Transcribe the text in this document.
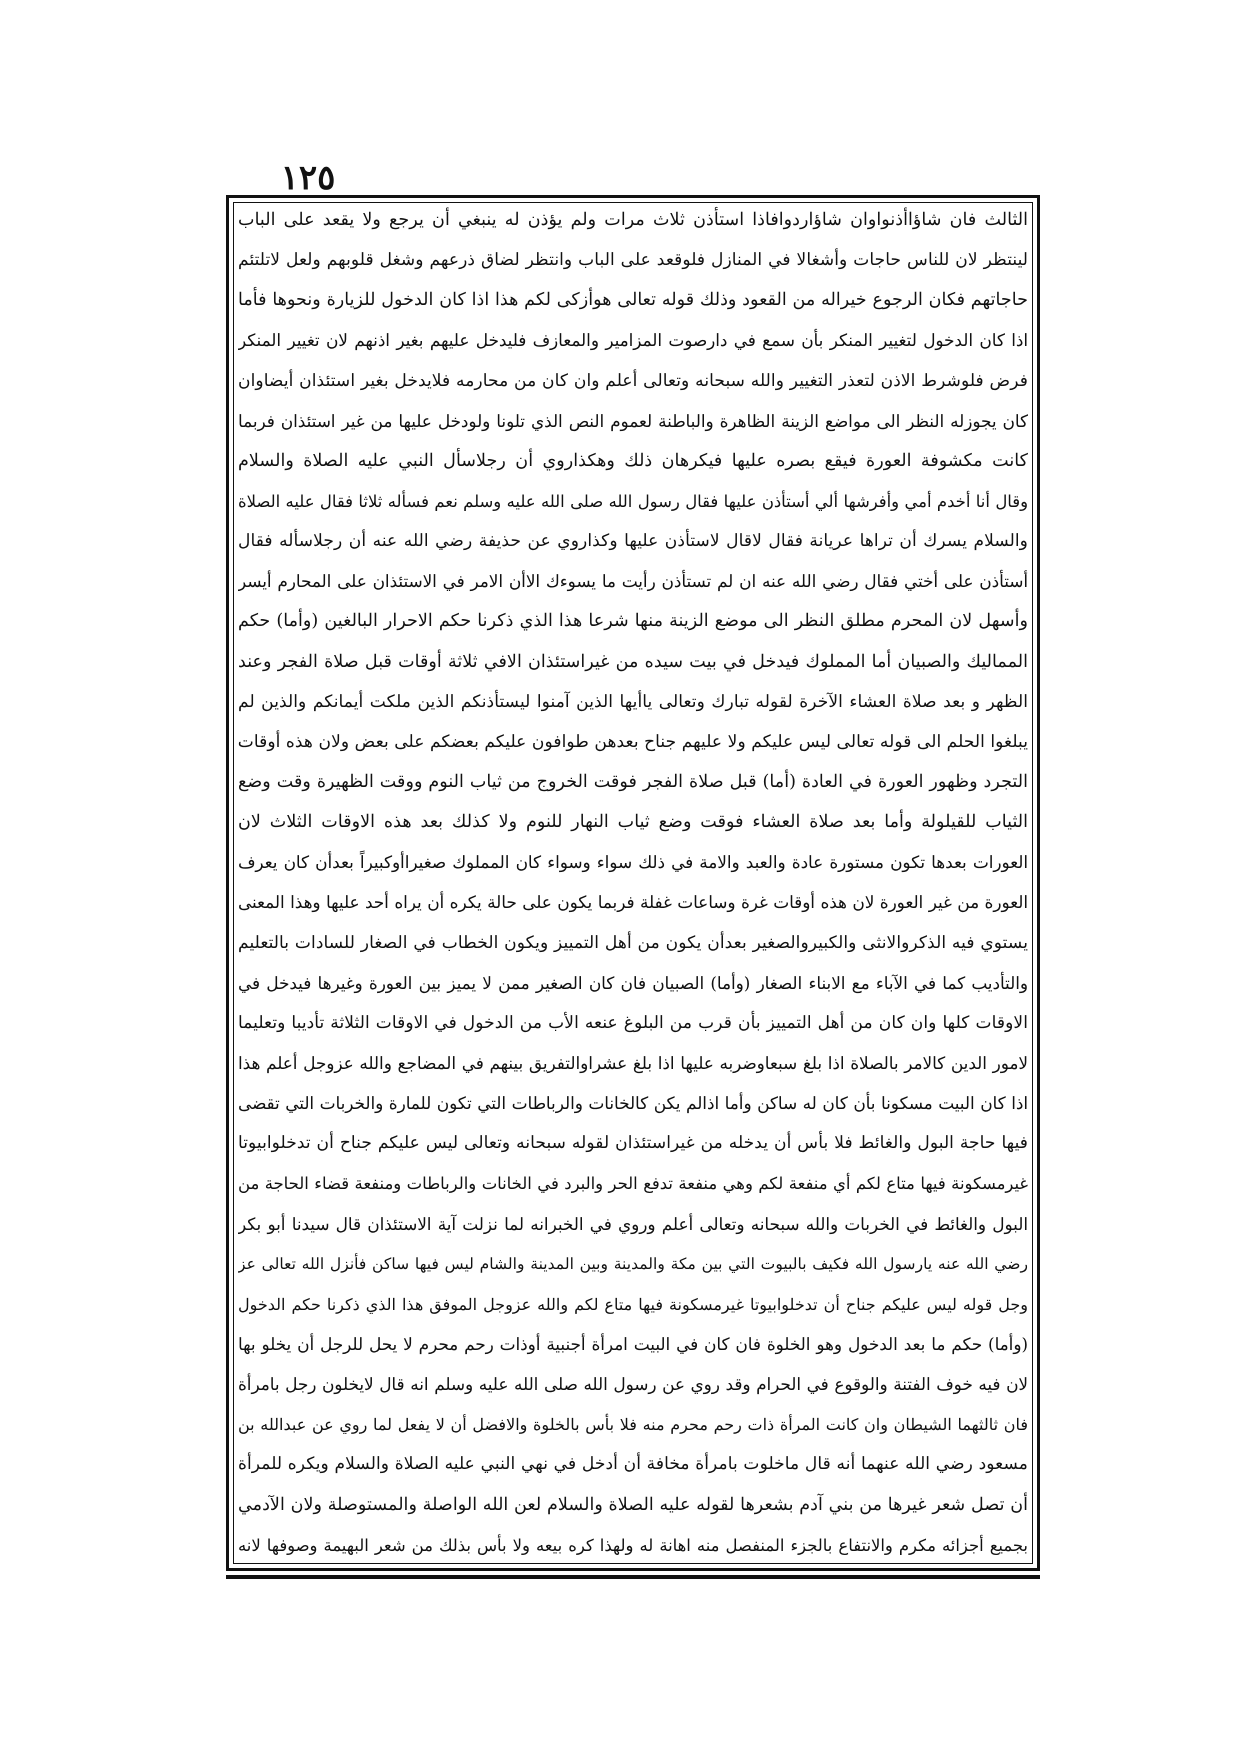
١٢٥
الثالث فان شاؤاأذنواوان شاؤاردوافاذا استأذن ثلاث مرات ولم يؤذن له ينبغي أن يرجع ولا يقعد على الباب
لينتظر لان للناس حاجات وأشغالا في المنازل فلوقعد على الباب وانتظر لضاق ذرعهم وشغل قلوبهم ولعل لاتلتئم
حاجاتهم فكان الرجوع خيراله من القعود وذلك قوله تعالى هوأزكى لكم هذا اذا كان الدخول للزيارة ونحوها فأما
اذا كان الدخول لتغيير المنكر بأن سمع في دارصوت المزامير والمعازف فليدخل عليهم بغير اذنهم لان تغيير المنكر
فرض فلوشرط الاذن لتعذر التغيير والله سبحانه وتعالى أعلم وان كان من محارمه فلايدخل بغير استئذان أيضاوان
كان يجوزله النظر الى مواضع الزينة الظاهرة والباطنة لعموم النص الذي تلونا ولودخل عليها من غير استئذان فربما
كانت مكشوفة العورة فيقع بصره عليها فيكرهان ذلك وهكذاروي أن رجلاسأل النبي عليه الصلاة والسلام
وقال أنا أخدم أمي وأفرشها ألي أستأذن عليها فقال رسول الله صلى الله عليه وسلم نعم فسأله ثلاثا فقال عليه الصلاة
والسلام يسرك أن تراها عريانة فقال لاقال لاستأذن عليها وكذاروي عن حذيفة رضي الله عنه أن رجلاسأله فقال
أستأذن على أختي فقال رضي الله عنه ان لم تستأذن رأيت ما يسوءك الاأن الامر في الاستئذان على المحارم أيسر
وأسهل لان المحرم مطلق النظر الى موضع الزينة منها شرعا هذا الذي ذكرنا حكم الاحرار البالغين (وأما) حكم
المماليك والصبيان أما المملوك فيدخل في بيت سيده من غيراستئذان الافي ثلاثة أوقات قبل صلاة الفجر وعند
الظهر و بعد صلاة العشاء الآخرة لقوله تبارك وتعالى ياأيها الذين آمنوا ليستأذنكم الذين ملكت أيمانكم والذين لم
يبلغوا الحلم الى قوله تعالى ليس عليكم ولا عليهم جناح بعدهن طوافون عليكم بعضكم على بعض ولان هذه أوقات
التجرد وظهور العورة في العادة (أما) قبل صلاة الفجر فوقت الخروج من ثياب النوم ووقت الظهيرة وقت وضع
الثياب للقيلولة وأما بعد صلاة العشاء فوقت وضع ثياب النهار للنوم ولا كذلك بعد هذه الاوقات الثلاث لان
العورات بعدها تكون مستورة عادة والعبد والامة في ذلك سواء وسواء كان المملوك صغيراأوكبيراً بعدأن كان يعرف
العورة من غير العورة لان هذه أوقات غرة وساعات غفلة فربما يكون على حالة يكره أن يراه أحد عليها وهذا المعنى
يستوي فيه الذكروالانثى والكبيروالصغير بعدأن يكون من أهل التمييز ويكون الخطاب في الصغار للسادات بالتعليم
والتأديب كما في الآباء مع الابناء الصغار (وأما) الصبيان فان كان الصغير ممن لا يميز بين العورة وغيرها فيدخل في
الاوقات كلها وان كان من أهل التمييز بأن قرب من البلوغ عنعه الأب من الدخول في الاوقات الثلاثة تأديبا وتعليما
لامور الدين كالامر بالصلاة اذا بلغ سبعاوضربه عليها اذا بلغ عشراوالتفريق بينهم في المضاجع والله عزوجل أعلم هذا
اذا كان البيت مسكونا بأن كان له ساكن وأما اذالم يكن كالخانات والرباطات التي تكون للمارة والخربات التي تقضى
فيها حاجة البول والغائط فلا بأس أن يدخله من غيراستئذان لقوله سبحانه وتعالى ليس عليكم جناح أن تدخلوابيوتا
غيرمسكونة فيها متاع لكم أي منفعة لكم وهي منفعة تدفع الحر والبرد في الخانات والرباطات ومنفعة قضاء الحاجة من
البول والغائط في الخربات والله سبحانه وتعالى أعلم وروي في الخبرانه لما نزلت آية الاستئذان قال سيدنا أبو بكر
رضي الله عنه يارسول الله فكيف بالبيوت التي بين مكة والمدينة وبين المدينة والشام ليس فيها ساكن فأنزل الله تعالى عز
وجل قوله ليس عليكم جناح أن تدخلوابيوتا غيرمسكونة فيها متاع لكم والله عزوجل الموفق هذا الذي ذكرنا حكم الدخول
(وأما) حكم ما بعد الدخول وهو الخلوة فان كان في البيت امرأة أجنبية أوذات رحم محرم لا يحل للرجل أن يخلو بها
لان فيه خوف الفتنة والوقوع في الحرام وقد روي عن رسول الله صلى الله عليه وسلم انه قال لايخلون رجل بامرأة
فان ثالثهما الشيطان وان كانت المرأة ذات رحم محرم منه فلا بأس بالخلوة والافضل أن لا يفعل لما روي عن عبدالله بن
مسعود رضي الله عنهما أنه قال ماخلوت بامرأة مخافة أن أدخل في نهي النبي عليه الصلاة والسلام ويكره للمرأة
أن تصل شعر غيرها من بني آدم بشعرها لقوله عليه الصلاة والسلام لعن الله الواصلة والمستوصلة ولان الآدمي
بجميع أجزائه مكرم والانتفاع بالجزء المنفصل منه اهانة له ولهذا كره بيعه ولا بأس بذلك من شعر البهيمة وصوفها لانه
